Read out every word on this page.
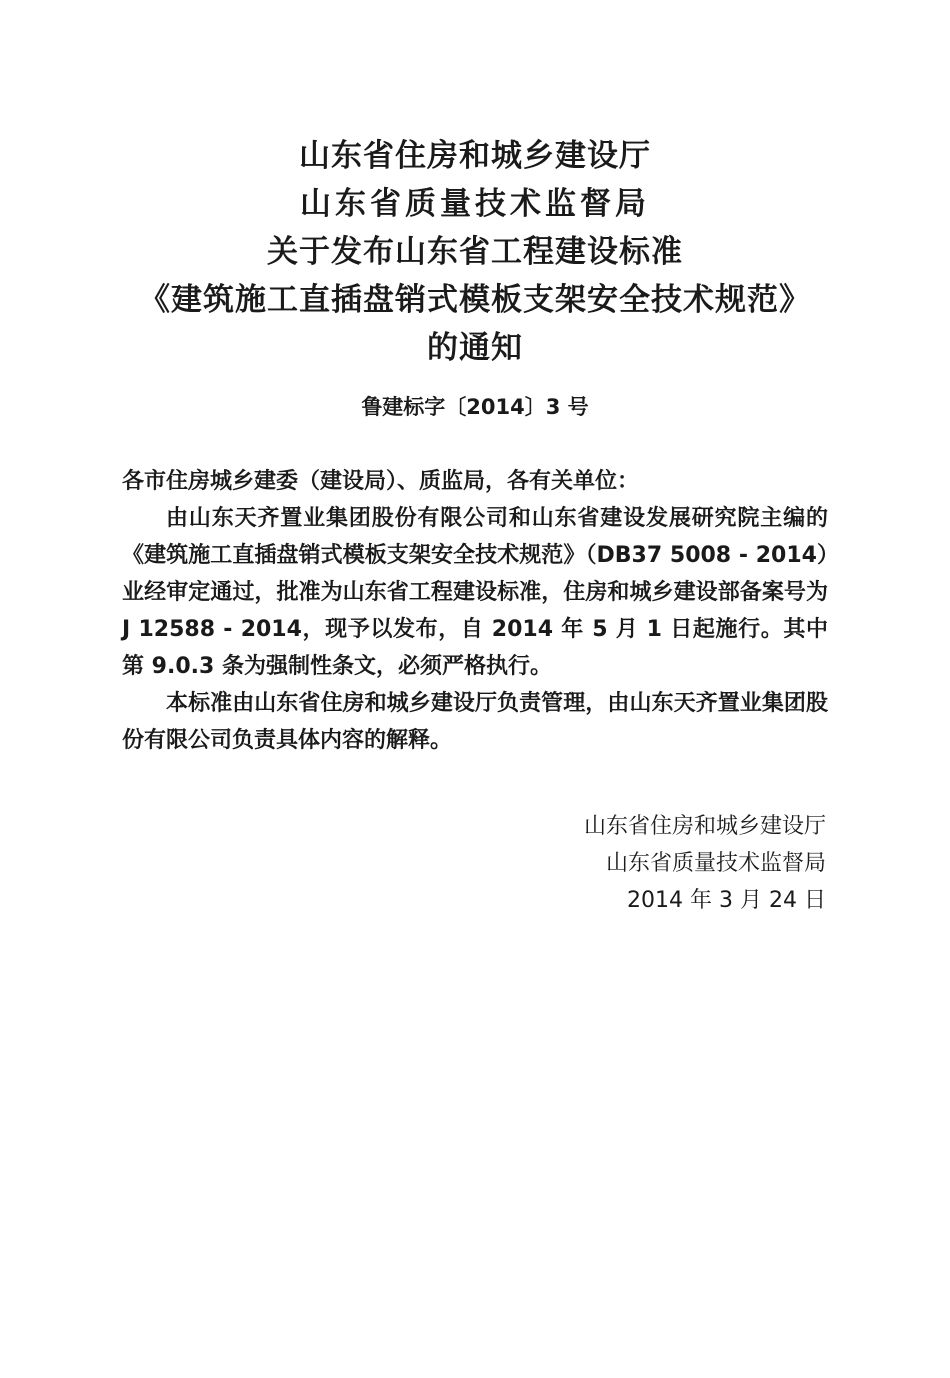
山东省住房和城乡建设厅
山东省质量技术监督局
关于发布山东省工程建设标准
《建筑施工直插盘销式模板支架安全技术规范》
的通知
鲁建标字〔2014〕3 号

各市住房城乡建委（建设局）、质监局，各有关单位：

由山东天齐置业集团股份有限公司和山东省建设发展研究院主编的《建筑施工直插盘销式模板支架安全技术规范》（DB37 5008 - 2014）业经审定通过，批准为山东省工程建设标准，住房和城乡建设部备案号为 J 12588 - 2014，现予以发布，自 2014 年 5 月 1 日起施行。其中第 9.0.3 条为强制性条文，必须严格执行。

本标准由山东省住房和城乡建设厅负责管理，由山东天齐置业集团股份有限公司负责具体内容的解释。

山东省住房和城乡建设厅
山东省质量技术监督局
2014 年 3 月 24 日
